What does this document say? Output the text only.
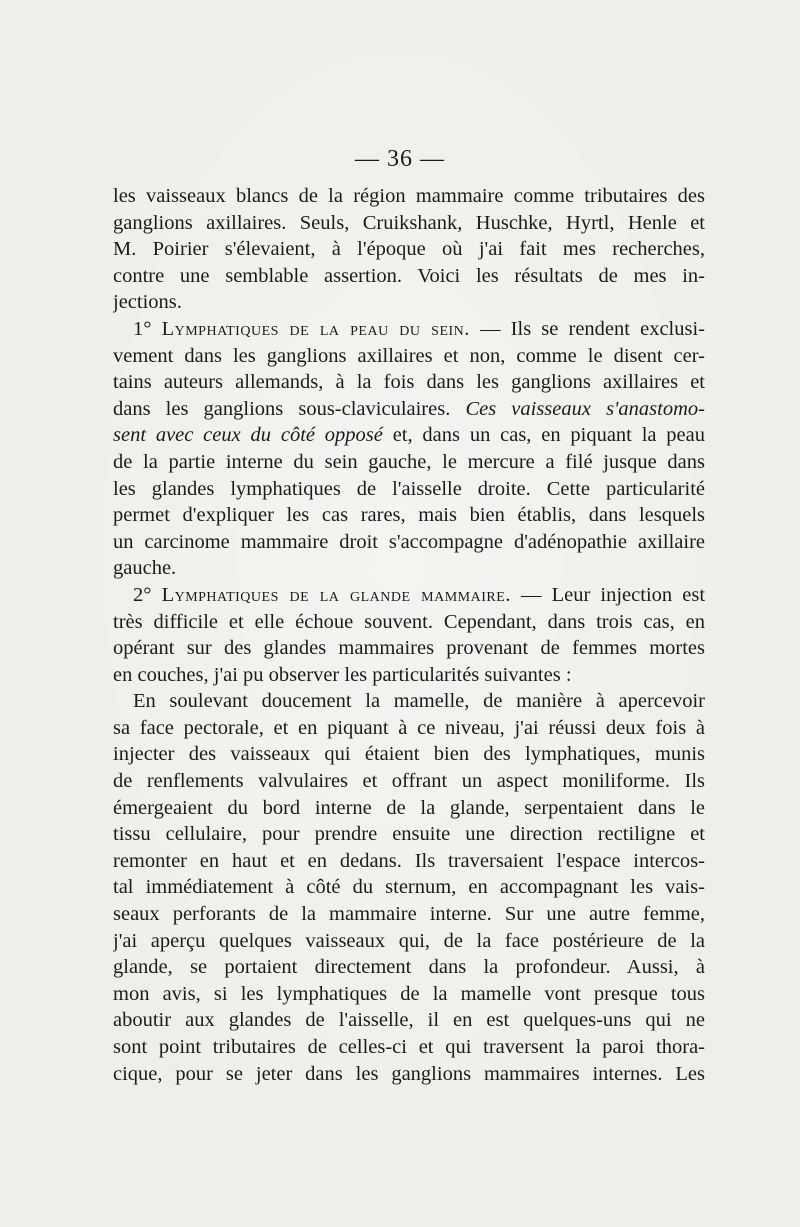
— 36 —
les vaisseaux blancs de la région mammaire comme tributaires des
ganglions axillaires. Seuls, Cruikshank, Huschke, Hyrtl, Henle et
M. Poirier s'élevaient, à l'époque où j'ai fait mes recherches,
contre une semblable assertion. Voici les résultats de mes in-
jections.
1° Lymphatiques de la peau du sein. — Ils se rendent exclusi-
vement dans les ganglions axillaires et non, comme le disent cer-
tains auteurs allemands, à la fois dans les ganglions axillaires et
dans les ganglions sous-claviculaires. Ces vaisseaux s'anastomo-
sent avec ceux du côté opposé et, dans un cas, en piquant la peau
de la partie interne du sein gauche, le mercure a filé jusque dans
les glandes lymphatiques de l'aisselle droite. Cette particularité
permet d'expliquer les cas rares, mais bien établis, dans lesquels
un carcinome mammaire droit s'accompagne d'adénopathie axillaire
gauche.
2° Lymphatiques de la glande mammaire. — Leur injection est
très difficile et elle échoue souvent. Cependant, dans trois cas, en
opérant sur des glandes mammaires provenant de femmes mortes
en couches, j'ai pu observer les particularités suivantes :
En soulevant doucement la mamelle, de manière à apercevoir
sa face pectorale, et en piquant à ce niveau, j'ai réussi deux fois à
injecter des vaisseaux qui étaient bien des lymphatiques, munis
de renflements valvulaires et offrant un aspect moniliforme. Ils
émergeaient du bord interne de la glande, serpentaient dans le
tissu cellulaire, pour prendre ensuite une direction rectiligne et
remonter en haut et en dedans. Ils traversaient l'espace intercos-
tal immédiatement à côté du sternum, en accompagnant les vais-
seaux perforants de la mammaire interne. Sur une autre femme,
j'ai aperçu quelques vaisseaux qui, de la face postérieure de la
glande, se portaient directement dans la profondeur. Aussi, à
mon avis, si les lymphatiques de la mamelle vont presque tous
aboutir aux glandes de l'aisselle, il en est quelques-uns qui ne
sont point tributaires de celles-ci et qui traversent la paroi thora-
cique, pour se jeter dans les ganglions mammaires internes. Les
